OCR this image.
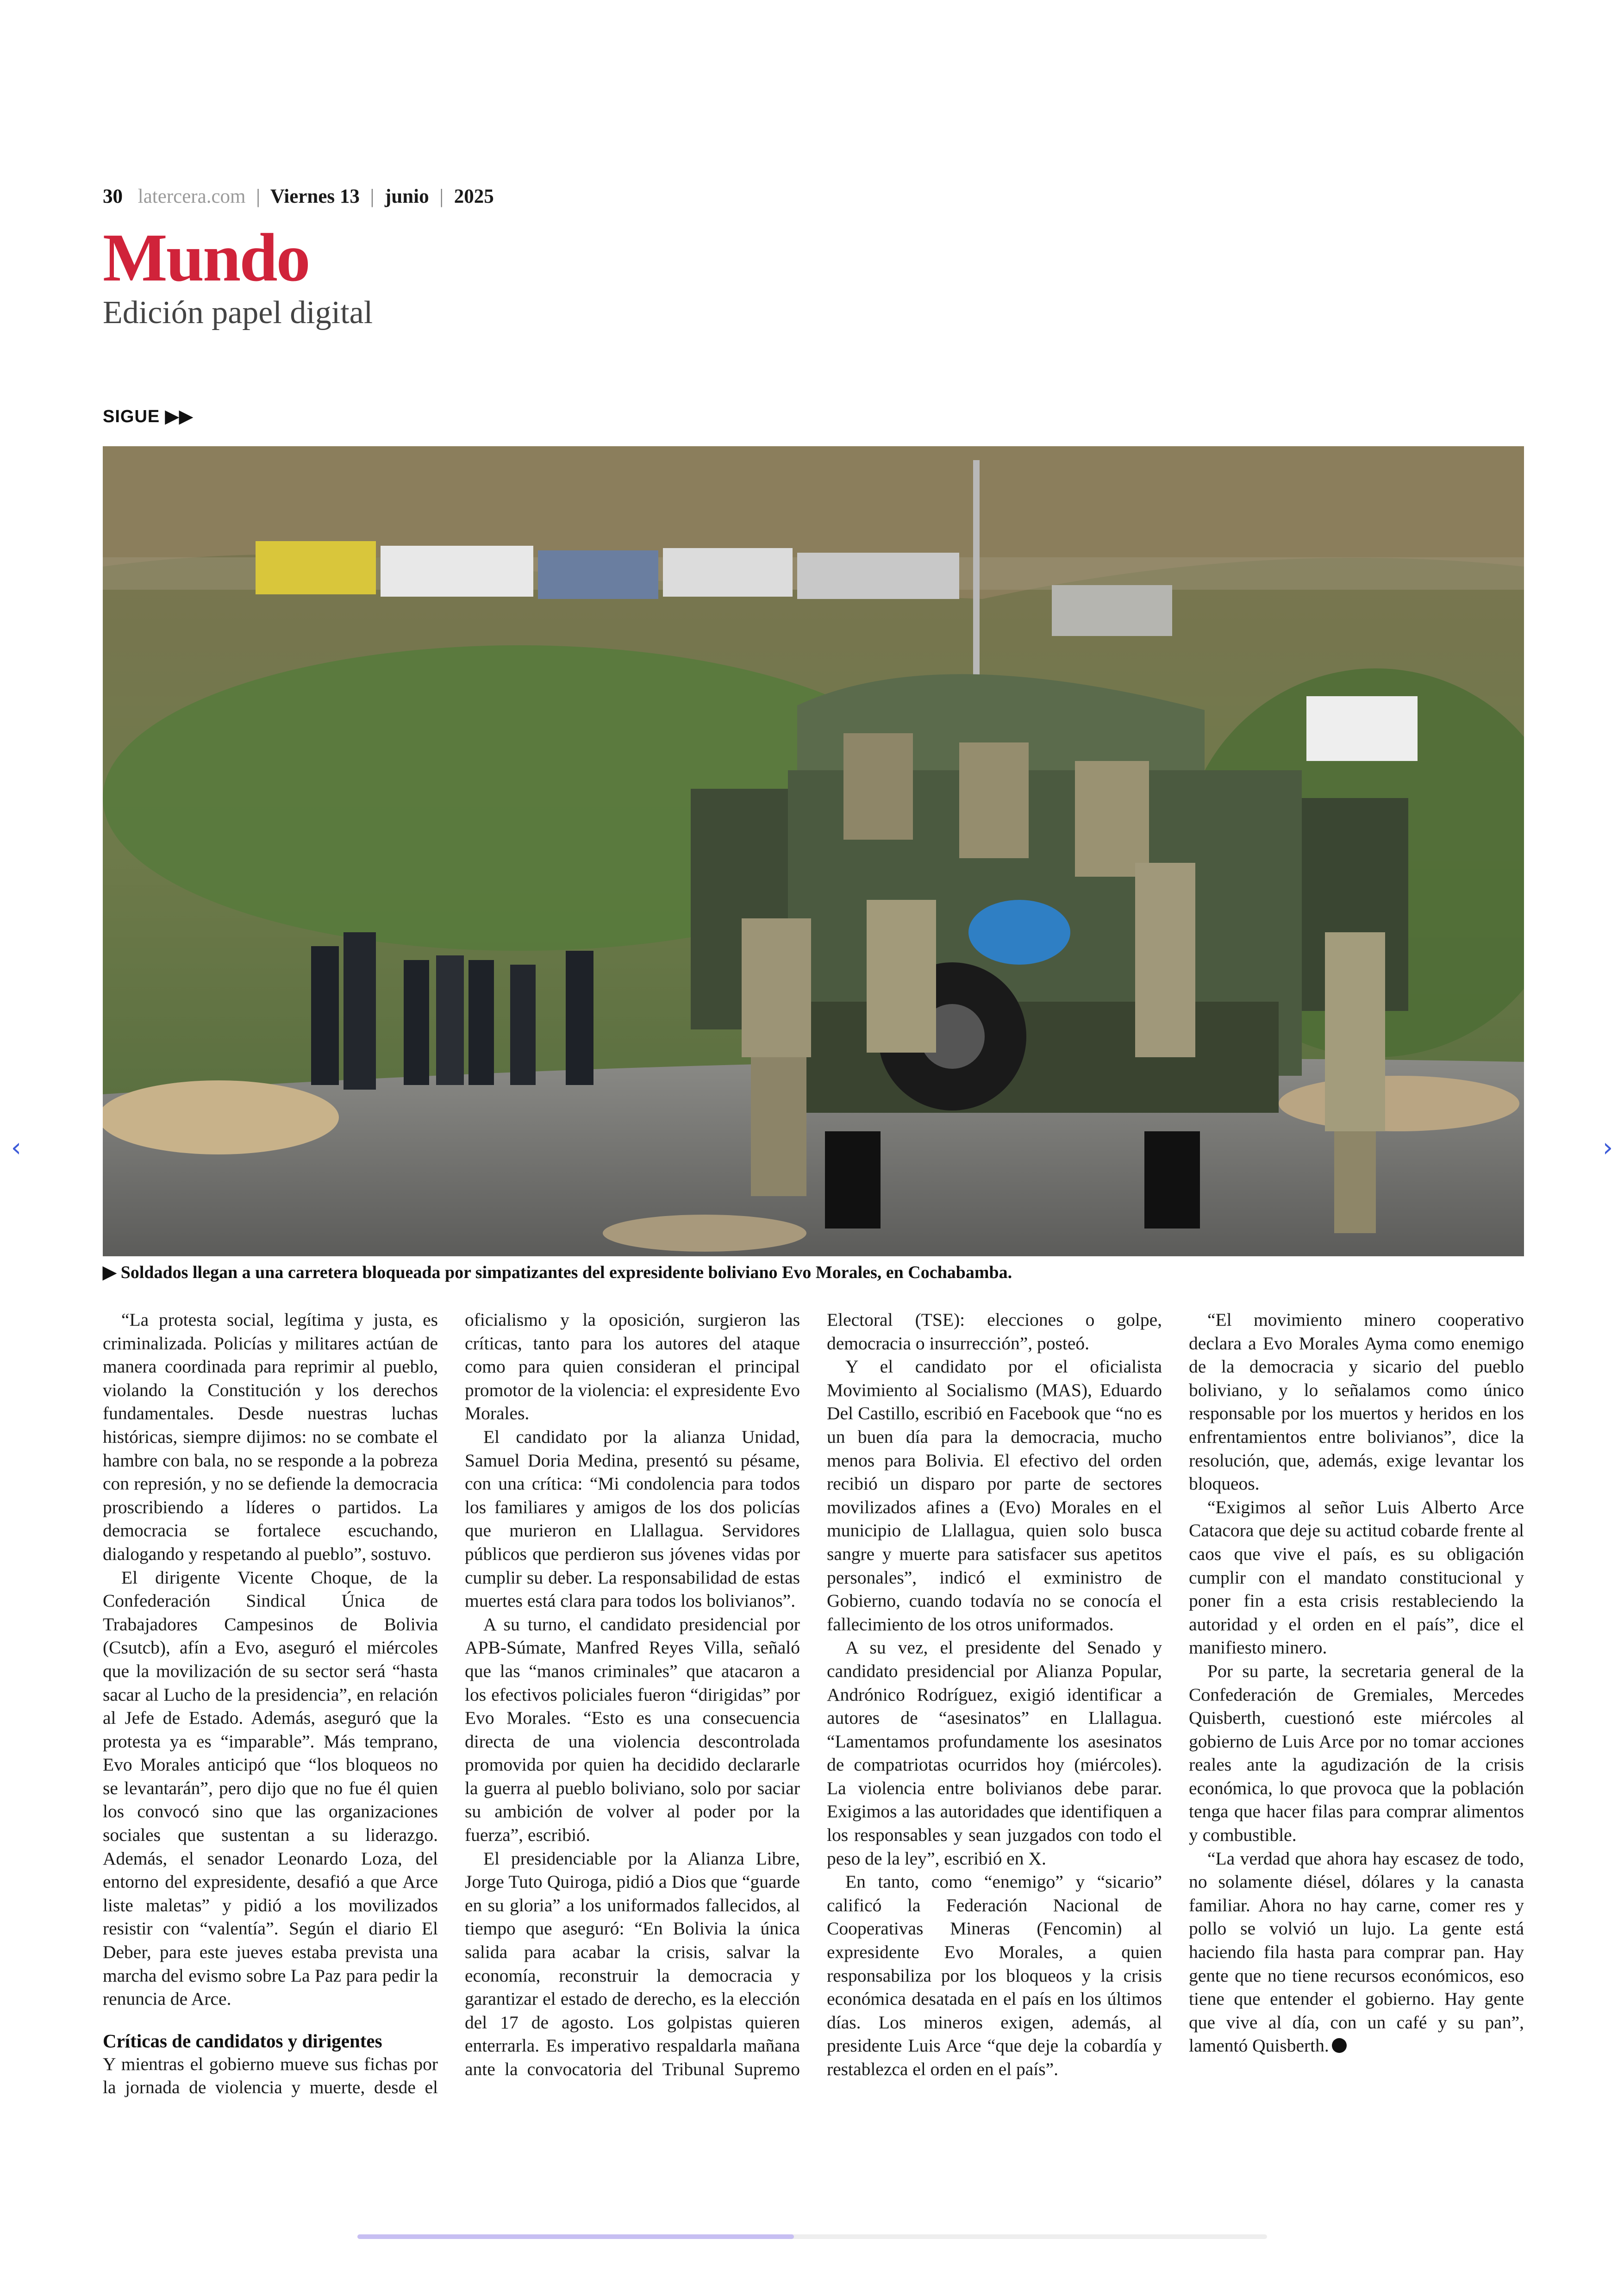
30 latercera.com | Viernes 13 | junio | 2025
Mundo
Edición papel digital
SIGUE ▶▶
▶ Soldados llegan a una carretera bloqueada por simpatizantes del expresidente boliviano Evo Morales, en Cochabamba.
‹	›

“La protesta social, legítima y justa, es criminalizada. Policías y militares actúan de manera coordinada para reprimir al pueblo, violando la Constitución y los derechos fundamentales. Desde nuestras luchas históricas, siempre dijimos: no se combate el hambre con bala, no se responde a la pobreza con represión, y no se defiende la democracia proscribiendo a líderes o partidos. La democracia se fortalece escuchando, dialogando y respetando al pueblo”, sostuvo.

El dirigente Vicente Choque, de la Confederación Sindical Única de Trabajadores Campesinos de Bolivia (Csutcb), afín a Evo, aseguró el miércoles que la movilización de su sector será “hasta sacar al Lucho de la presidencia”, en relación al Jefe de Estado. Además, aseguró que la protesta ya es “imparable”. Más temprano, Evo Morales anticipó que “los bloqueos no se levantarán”, pero dijo que no fue él quien los convocó sino que las organizaciones sociales que sustentan a su liderazgo. Además, el senador Leonardo Loza, del entorno del expresidente, desafió a que Arce liste maletas” y pidió a los movilizados resistir con “valentía”. Según el diario El Deber, para este jueves estaba prevista una marcha del evismo sobre La Paz para pedir la renuncia de Arce.

Críticas de candidatos y dirigentes

Y mientras el gobierno mueve sus fichas por la jornada de violencia y muerte, desde el oficialismo y la oposición, surgieron las críticas, tanto para los autores del ataque como para quien consideran el principal promotor de la violencia: el expresidente Evo Morales.

El candidato por la alianza Unidad, Samuel Doria Medina, presentó su pésame, con una crítica: “Mi condolencia para todos los familiares y amigos de los dos policías que murieron en Llallagua. Servidores públicos que perdieron sus jóvenes vidas por cumplir su deber. La responsabilidad de estas muertes está clara para todos los bolivianos”.

A su turno, el candidato presidencial por APB-Súmate, Manfred Reyes Villa, señaló que las “manos criminales” que atacaron a los efectivos policiales fueron “dirigidas” por Evo Morales. “Esto es una consecuencia directa de una violencia descontrolada promovida por quien ha decidido declararle la guerra al pueblo boliviano, solo por saciar su ambición de volver al poder por la fuerza”, escribió.

El presidenciable por la Alianza Libre, Jorge Tuto Quiroga, pidió a Dios que “guarde en su gloria” a los uniformados fallecidos, al tiempo que aseguró: “En Bolivia la única salida para acabar la crisis, salvar la economía, reconstruir la democracia y garantizar el estado de derecho, es la elección del 17 de agosto. Los golpistas quieren enterrarla. Es imperativo respaldarla mañana ante la convocatoria del Tribunal Supremo Electoral (TSE): elecciones o golpe, democracia o insurrección”, posteó.

Y el candidato por el oficialista Movimiento al Socialismo (MAS), Eduardo Del Castillo, escribió en Facebook que “no es un buen día para la democracia, mucho menos para Bolivia. El efectivo del orden recibió un disparo por parte de sectores movilizados afines a (Evo) Morales en el municipio de Llallagua, quien solo busca sangre y muerte para satisfacer sus apetitos personales”, indicó el exministro de Gobierno, cuando todavía no se conocía el fallecimiento de los otros uniformados.

A su vez, el presidente del Senado y candidato presidencial por Alianza Popular, Andrónico Rodríguez, exigió identificar a autores de “asesinatos” en Llallagua. “Lamentamos profundamente los asesinatos de compatriotas ocurridos hoy (miércoles). La violencia entre bolivianos debe parar. Exigimos a las autoridades que identifiquen a los responsables y sean juzgados con todo el peso de la ley”, escribió en X.

En tanto, como “enemigo” y “sicario” calificó la Federación Nacional de Cooperativas Mineras (Fencomin) al expresidente Evo Morales, a quien responsabiliza por los bloqueos y la crisis económica desatada en el país en los últimos días. Los mineros exigen, además, al presidente Luis Arce “que deje la cobardía y restablezca el orden en el país”.

“El movimiento minero cooperativo declara a Evo Morales Ayma como enemigo de la democracia y sicario del pueblo boliviano, y lo señalamos como único responsable por los muertos y heridos en los enfrentamientos entre bolivianos”, dice la resolución, que, además, exige levantar los bloqueos.

“Exigimos al señor Luis Alberto Arce Catacora que deje su actitud cobarde frente al caos que vive el país, es su obligación cumplir con el mandato constitucional y poner fin a esta crisis restableciendo la autoridad y el orden en el país”, dice el manifiesto minero.

Por su parte, la secretaria general de la Confederación de Gremiales, Mercedes Quisberth, cuestionó este miércoles al gobierno de Luis Arce por no tomar acciones reales ante la agudización de la crisis económica, lo que provoca que la población tenga que hacer filas para comprar alimentos y combustible.

“La verdad que ahora hay escasez de todo, no solamente diésel, dólares y la canasta familiar. Ahora no hay carne, comer res y pollo se volvió un lujo. La gente está haciendo fila hasta para comprar pan. Hay gente que no tiene recursos económicos, eso tiene que entender el gobierno. Hay gente que vive al día, con un café y su pan”, lamentó Quisberth.
